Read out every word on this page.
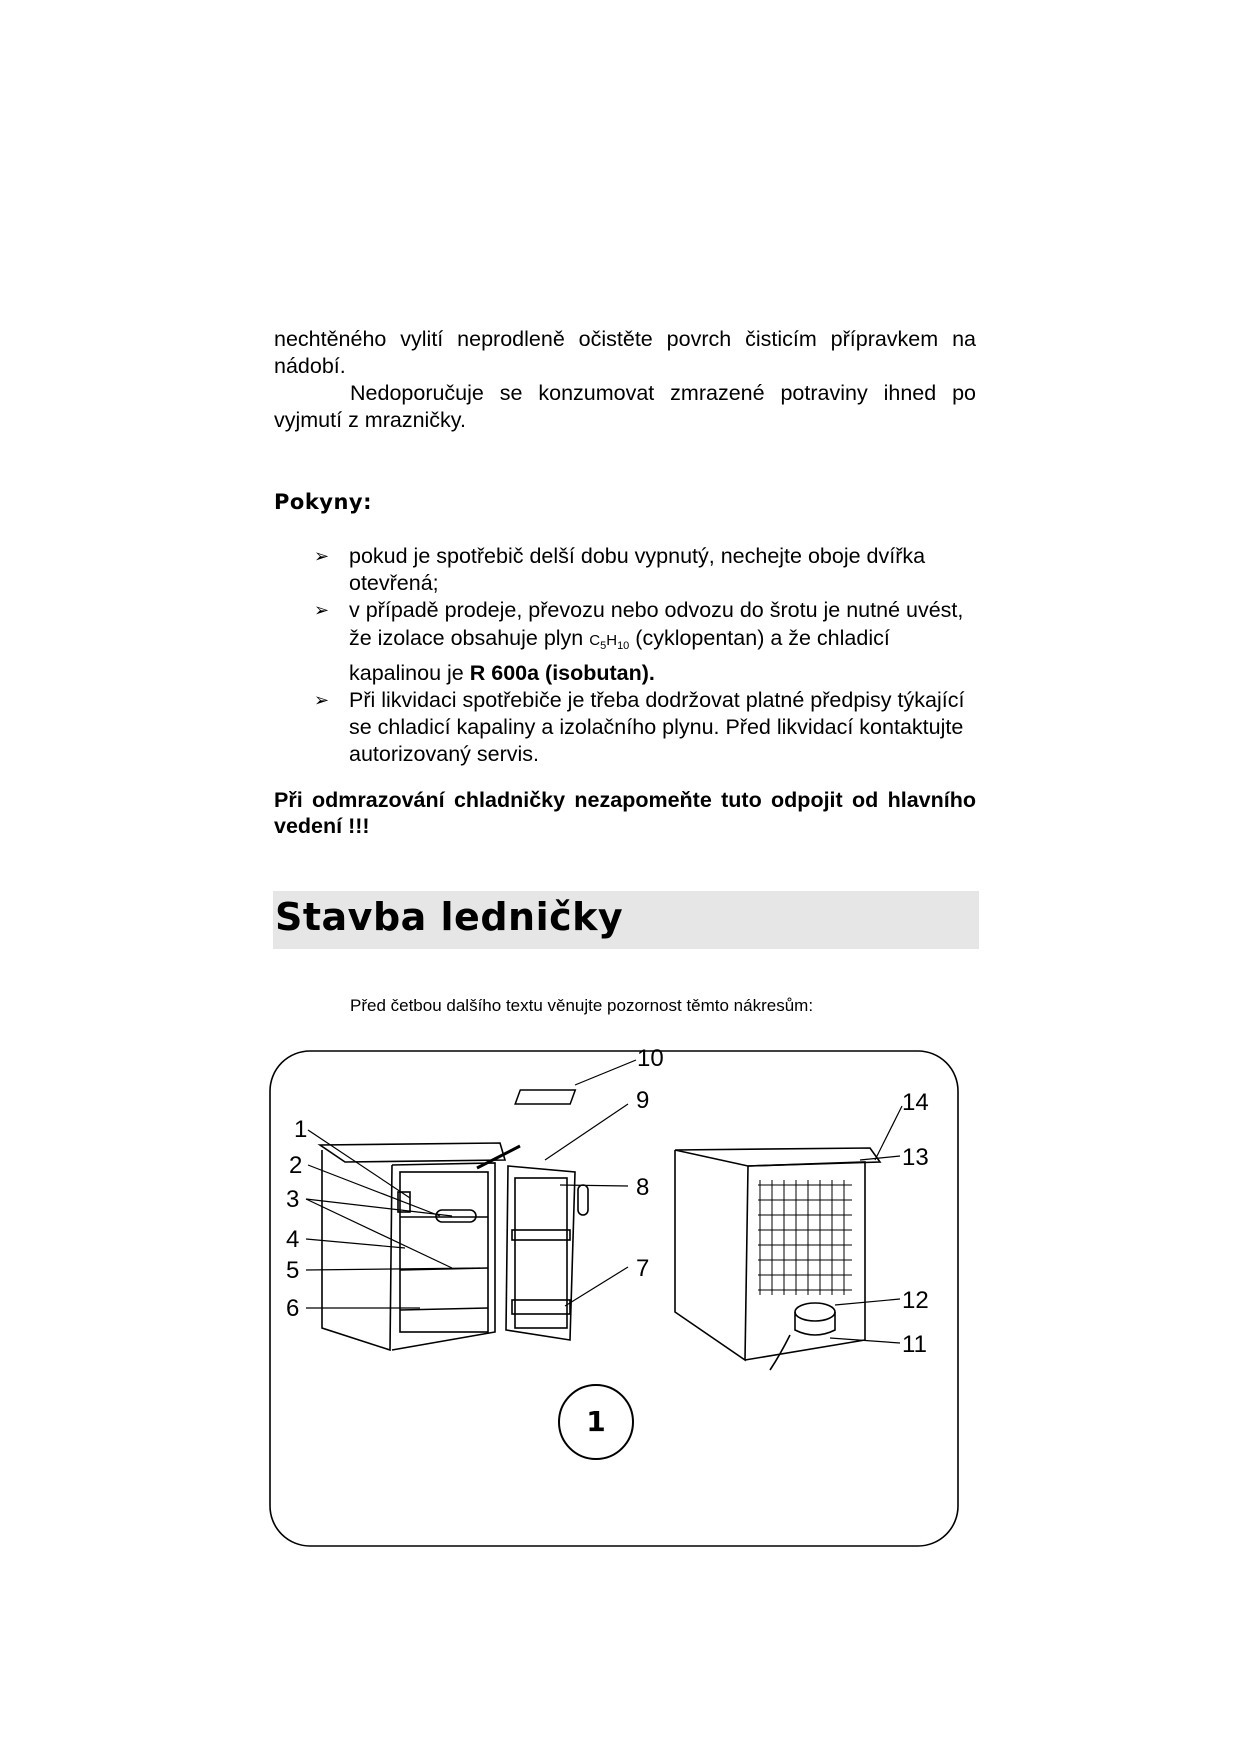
nechtěného vylití neprodleně očistěte povrch čisticím přípravkem na nádobí.

Nedoporučuje se konzumovat zmrazené potraviny ihned po vyjmutí z mrazničky.

Pokyny:
➢ pokud je spotřebič delší dobu vypnutý, nechejte oboje dvířka otevřená;
➢ v případě prodeje, převozu nebo odvozu do šrotu je nutné uvést, že izolace obsahuje plyn $C_5H_{10}$ (cyklopentan) a že chladicí kapalinou je R 600a (isobutan).
➢ Při likvidaci spotřebiče je třeba dodržovat platné předpisy týkající se chladicí kapaliny a izolačního plynu. Před likvidací kontaktujte autorizovaný servis.
Při odmrazování chladničky nezapomeňte tuto odpojit od hlavního vedení !!!
Stavba ledničky
Před četbou dalšího textu věnujte pozornost těmto nákresům:
1
2
3
4
5
6
7
8
9
10
11
12
13
14
1
